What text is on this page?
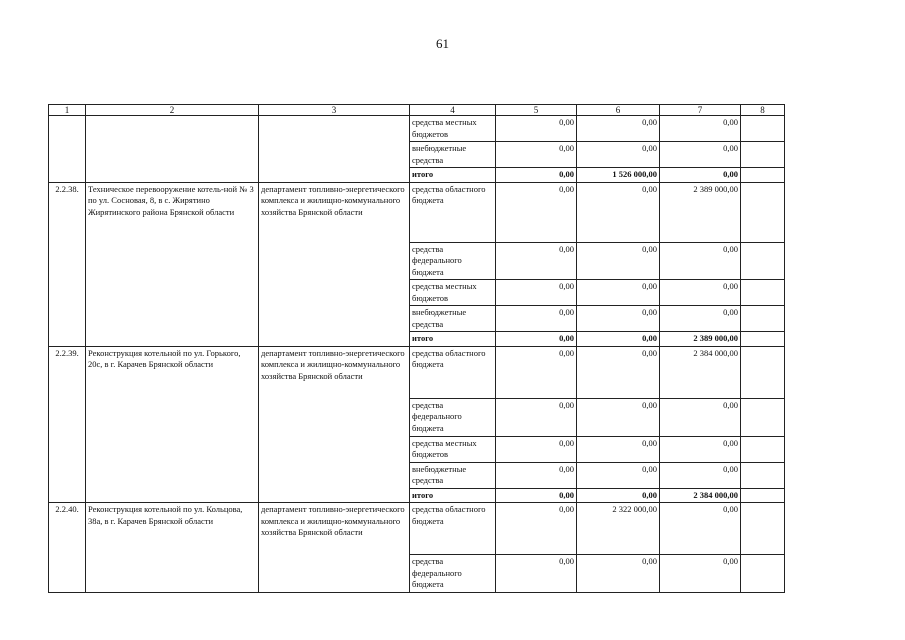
61
1	2	3	4	5	6	7	8
			средства местных бюджетов	0,00	0,00	0,00	
			внебюджетные средства	0,00	0,00	0,00	
			итого	0,00	1 526 000,00	0,00	
2.2.38.	Техническое перевооружение котель-ной № 3 по ул. Сосновая, 8, в с. Жирятино Жирятинского района Брянской области	департамент топливно-энергетического комплекса и жилищно-коммунального хозяйства Брянской области	средства областного бюджета	0,00	0,00	2 389 000,00	
			средства федерального бюджета	0,00	0,00	0,00	
			средства местных бюджетов	0,00	0,00	0,00	
			внебюджетные средства	0,00	0,00	0,00	
			итого	0,00	0,00	2 389 000,00	
2.2.39.	Реконструкция котельной по ул. Горького, 20с, в г. Карачев Брянской области	департамент топливно-энергетического комплекса и жилищно-коммунального хозяйства Брянской области	средства областного бюджета	0,00	0,00	2 384 000,00	
			средства федерального бюджета	0,00	0,00	0,00	
			средства местных бюджетов	0,00	0,00	0,00	
			внебюджетные средства	0,00	0,00	0,00	
			итого	0,00	0,00	2 384 000,00	
2.2.40.	Реконструкция котельной по ул. Кольцова, 38а, в г. Карачев Брянской области	департамент топливно-энергетического комплекса и жилищно-коммунального хозяйства Брянской области	средства областного бюджета	0,00	2 322 000,00	0,00	
			средства федерального бюджета	0,00	0,00	0,00	
